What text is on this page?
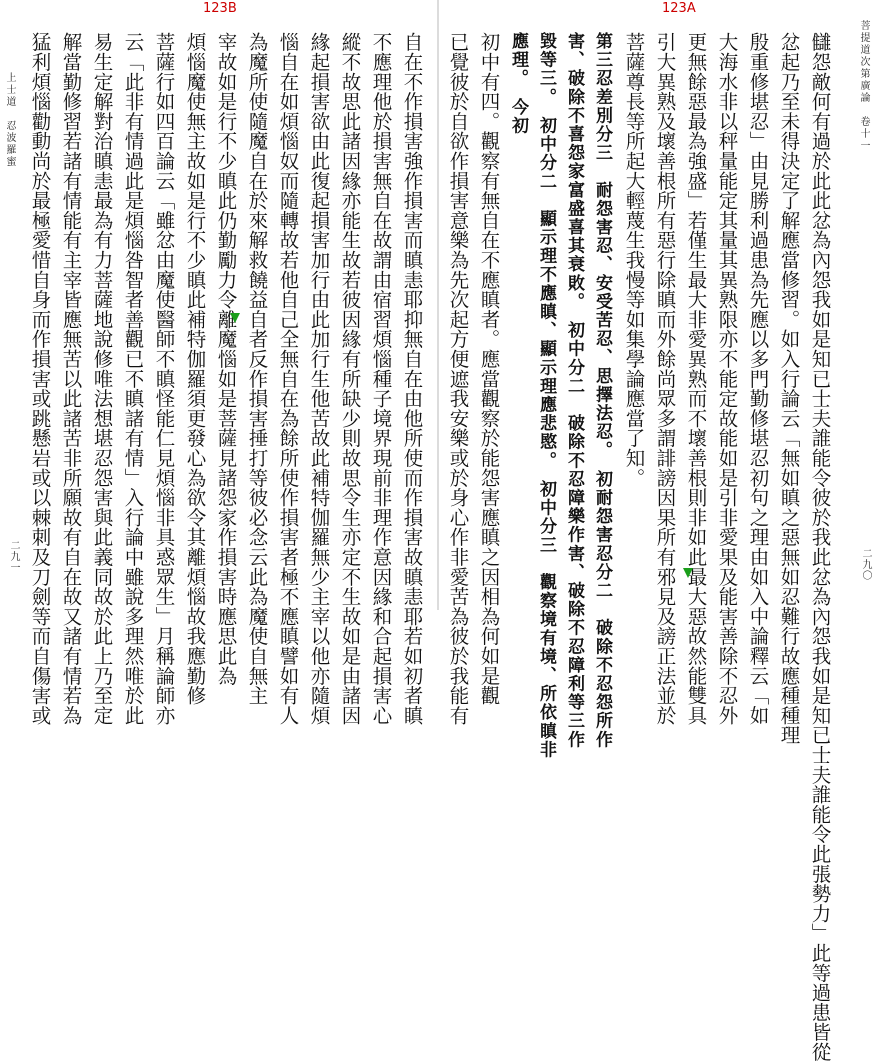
123B
上士道　忍波羅蜜
二九一	自在不作損害強作損害而瞋恚耶抑無自在由他所使而作損害故瞋恚耶若如初者瞋
不應理他於損害無自在故謂由宿習煩惱種子境界現前非理作意因緣和合起損害心
縱不故思此諸因緣亦能生故若彼因緣有所缺少則故思令生亦定不生故如是由諸因
緣起損害欲由此復起損害加行由此加行生他苦故此補特伽羅無少主宰以他亦隨煩
惱自在如煩惱奴而隨轉故若他自己全無自在為餘所使作損害者極不應瞋譬如有人
為魔所使隨魔自在於來解救饒益自者反作損害捶打等彼必念云此為魔使自無主
宰故如是行不少瞋此仍勤勵力令離魔惱如是菩薩見諸怨家作損害時應思此為
煩惱魔使無主故如是行不少瞋此補特伽羅須更發心為欲令其離煩惱故我應勤修
菩薩行如四百論云「雖忿由魔使醫師不瞋怪能仁見煩惱非具惑眾生」月稱論師亦
云「此非有情過此是煩惱咎智者善觀已不瞋諸有情」入行論中雖說多理然唯於此
易生定解對治瞋恚最為有力菩薩地說修唯法想堪忍怨害與此義同故於此上乃至定
解當勤修習若諸有情能有主宰皆應無苦以此諸苦非所願故有自在故又諸有情若為
猛利煩惱勸動尚於最極愛惜自身而作損害或跳懸岩或以棘刺及刀劍等而自傷害或
123A
菩提道次第廣論　卷十一
二九〇
讎怨敵何有過於此此忿為內怨我如是知已士夫誰能令彼於我此忿為內怨我如是知已士夫誰能令此張勢力」此等過患皆從
忿起乃至未得決定了解應當修習。如入行論云「無如瞋之惡無如忍難行故應種種理
殷重修堪忍」由見勝利過患為先應以多門勤修堪忍初句之理由如入中論釋云「如
大海水非以秤量能定其量其異熟限亦不能定故能如是引非愛果及能害善除不忍外
更無餘惡最為強盛」若僅生最大非愛異熟而不壞善根則非如此最大惡故然能雙具
引大異熟及壞善根所有惡行除瞋而外餘尚眾多謂誹謗因果所有邪見及謗正法並於
菩薩尊長等所起大輕蔑生我慢等如集學論應當了知。
第三忍差別分三　耐怨害忍、安受苦忍、思擇法忍。　初耐怨害忍分二　破除不忍怨所作
害、破除不喜怨家富盛喜其衰敗。　初中分二　破除不忍障樂作害、破除不忍障利等三作
毀等三。　初中分二　顯示理不應瞋、顯示理應悲愍。　初中分三　觀察境有境、所依瞋非
應理。　今初
初中有四。觀察有無自在不應瞋者。應當觀察於能怨害應瞋之因相為何如是觀
已覺彼於自欲作損害意樂為先次起方便遮我安樂或於身心作非愛苦為彼於我能有
